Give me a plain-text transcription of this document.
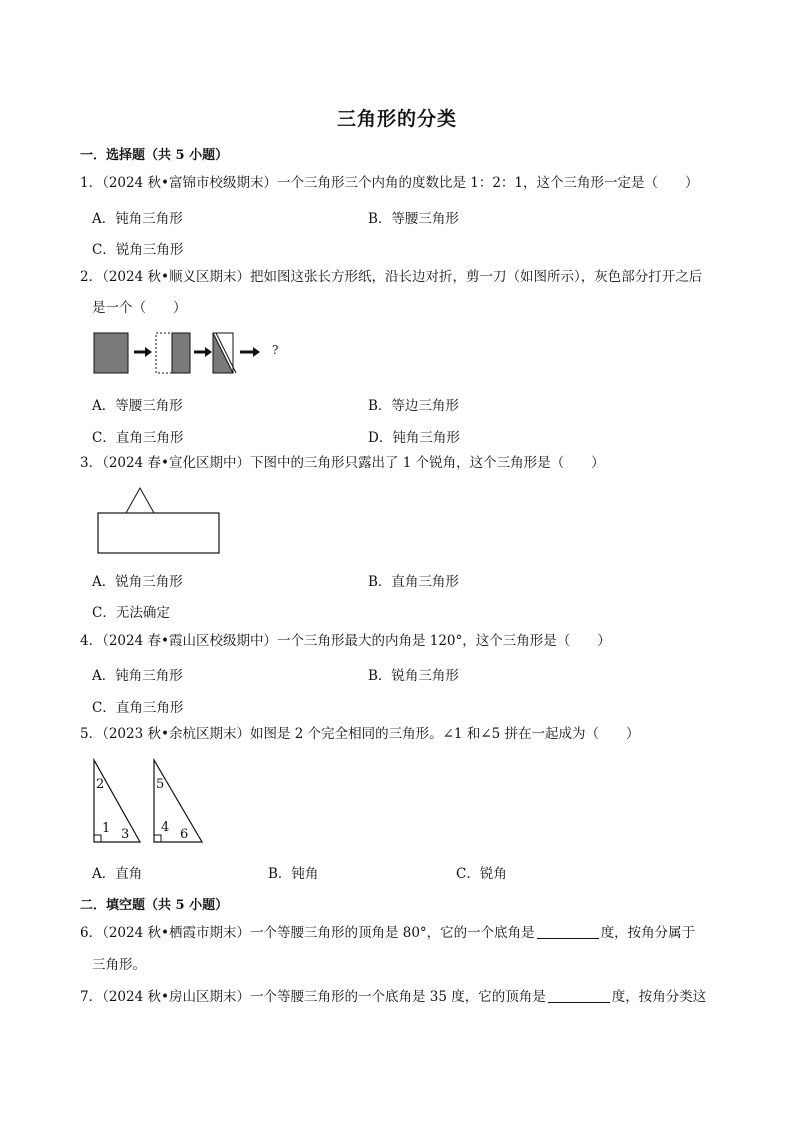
三角形的分类
一．选择题（共 5 小题）
1．（2024 秋•富锦市校级期末）一个三角形三个内角的度数比是 1：2：1，这个三角形一定是（　　）
A．钝角三角形	B．等腰三角形
C．锐角三角形
2．（2024 秋•顺义区期末）把如图这张长方形纸，沿长边对折，剪一刀（如图所示），灰色部分打开之后
是一个（　　）
?
A．等腰三角形	B．等边三角形
C．直角三角形	D．钝角三角形
3．（2024 春•宣化区期中）下图中的三角形只露出了 1 个锐角，这个三角形是（　　）
A．锐角三角形	B．直角三角形
C．无法确定
4．（2024 春•霞山区校级期中）一个三角形最大的内角是 120°，这个三角形是（　　）
A．钝角三角形	B．锐角三角形
C．直角三角形
5．（2023 秋•余杭区期末）如图是 2 个完全相同的三角形。∠1 和∠5 拼在一起成为（　　）
2
1 3
5
4 6
A．直角	B．钝角	C．锐角
二．填空题（共 5 小题）
6．（2024 秋•栖霞市期末）一个等腰三角形的顶角是 80°，它的一个底角是	度，按角分属于
三角形。
7．（2024 秋•房山区期末）一个等腰三角形的一个底角是 35 度，它的顶角是	度，按角分类这
